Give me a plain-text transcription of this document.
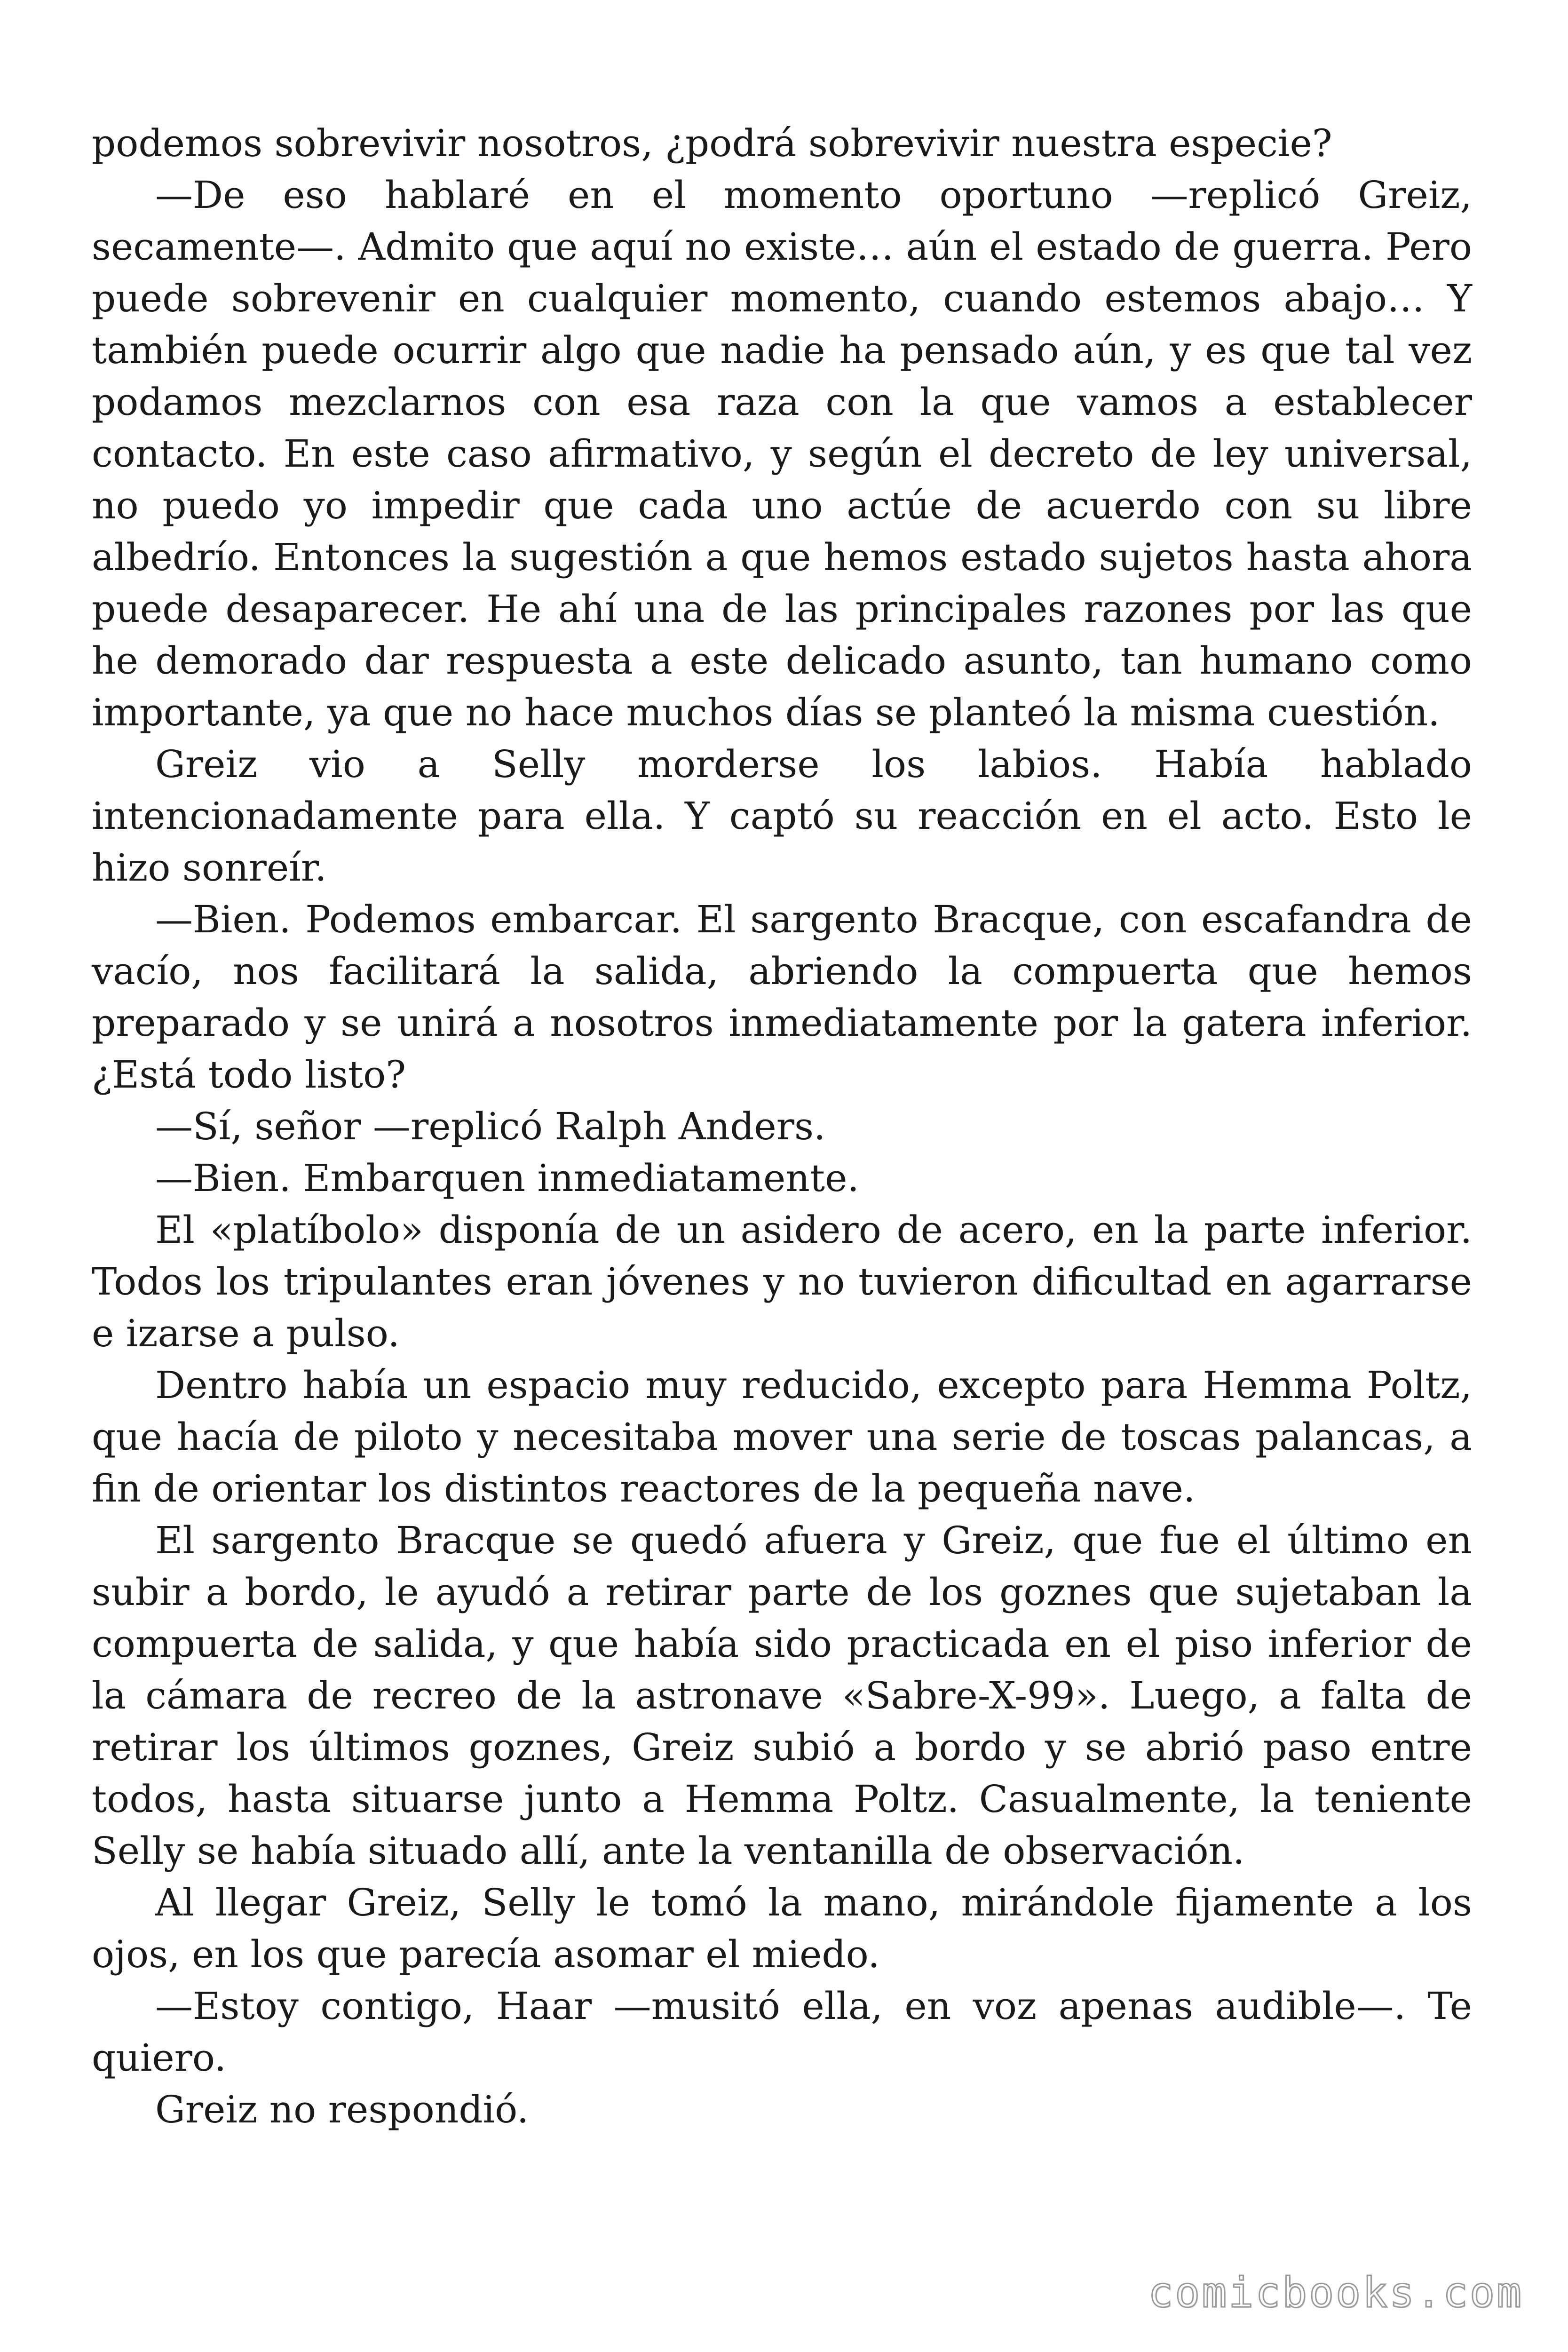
podemos sobrevivir nosotros, ¿podrá sobrevivir nuestra especie?

—De eso hablaré en el momento oportuno —replicó Greiz, secamente—. Admito que aquí no existe… aún el estado de guerra. Pero puede sobrevenir en cualquier momento, cuando estemos abajo… Y también puede ocurrir algo que nadie ha pensado aún, y es que tal vez podamos mezclarnos con esa raza con la que vamos a establecer contacto. En este caso afirmativo, y según el decreto de ley universal, no puedo yo impedir que cada uno actúe de acuerdo con su libre albedrío. Entonces la sugestión a que hemos estado sujetos hasta ahora puede desaparecer. He ahí una de las principales razones por las que he demorado dar respuesta a este delicado asunto, tan humano como importante, ya que no hace muchos días se planteó la misma cuestión.

Greiz vio a Selly morderse los labios. Había hablado intencionadamente para ella. Y captó su reacción en el acto. Esto le hizo sonreír.

—Bien. Podemos embarcar. El sargento Bracque, con escafandra de vacío, nos facilitará la salida, abriendo la compuerta que hemos preparado y se unirá a nosotros inmediatamente por la gatera inferior. ¿Está todo listo?

—Sí, señor —replicó Ralph Anders.

—Bien. Embarquen inmediatamente.

El «platíbolo» disponía de un asidero de acero, en la parte inferior. Todos los tripulantes eran jóvenes y no tuvieron dificultad en agarrarse e izarse a pulso.

Dentro había un espacio muy reducido, excepto para Hemma Poltz, que hacía de piloto y necesitaba mover una serie de toscas palancas, a fin de orientar los distintos reactores de la pequeña nave.

El sargento Bracque se quedó afuera y Greiz, que fue el último en subir a bordo, le ayudó a retirar parte de los goznes que sujetaban la compuerta de salida, y que había sido practicada en el piso inferior de la cámara de recreo de la astronave «Sabre-X-99». Luego, a falta de retirar los últimos goznes, Greiz subió a bordo y se abrió paso entre todos, hasta situarse junto a Hemma Poltz. Casualmente, la teniente Selly se había situado allí, ante la ventanilla de observación.

Al llegar Greiz, Selly le tomó la mano, mirándole fijamente a los ojos, en los que parecía asomar el miedo.

—Estoy contigo, Haar —musitó ella, en voz apenas audible—. Te quiero.

Greiz no respondió.

comicbooks.com
